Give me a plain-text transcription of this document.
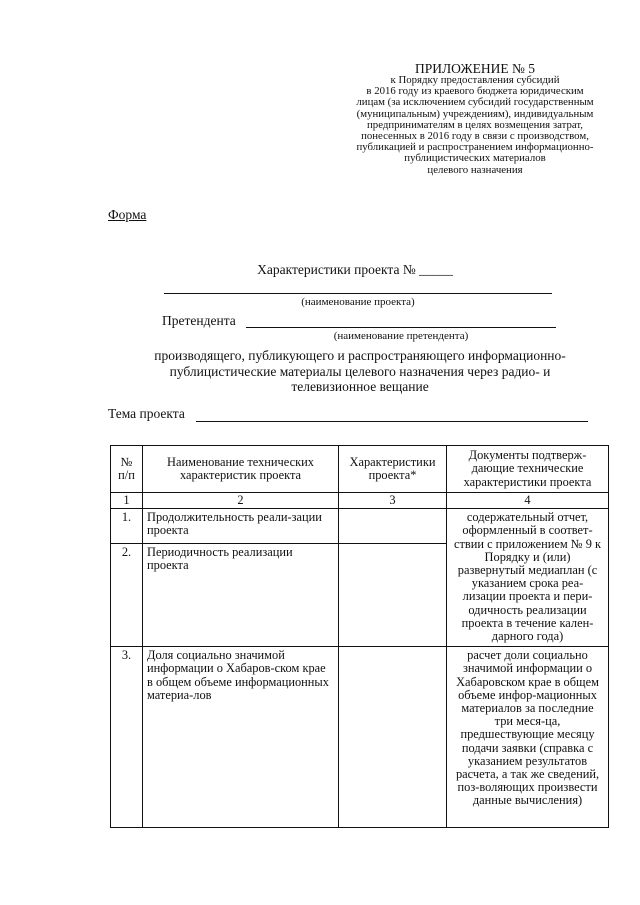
ПРИЛОЖЕНИЕ № 5
к Порядку предоставления субсидий
в 2016 году из краевого бюджета юридическим
лицам (за исключением субсидий государственным
(муниципальным) учреждениям), индивидуальным
предпринимателям в целях возмещения затрат,
понесенных в 2016 году в связи с производством,
публикацией и распространением информационно-
публицистических материалов
целевого назначения
Форма
Характеристики проекта № _____
(наименование проекта)
Претендента
(наименование претендента)
производящего, публикующего и распространяющего информационно-
публицистические материалы целевого назначения через радио- и
телевизионное вещание
Тема проекта
№ п/п	Наименование технических характеристик проекта	Характеристики проекта*	Документы подтверж-дающие технические характеристики проекта
1	2	3	4
1.	Продолжительность реали-зации проекта		содержательный отчет, оформленный в соответ-ствии с приложением № 9 к Порядку и (или) развернутый медиаплан (с указанием срока реа-лизации проекта и пери-одичность реализации проекта в течение кален-дарного года)
2.	Периодичность реализации проекта		
3.	Доля социально значимой информации о Хабаров-ском крае в общем объеме информационных материа-лов		расчет доли социально значимой информации о Хабаровском крае в общем объеме инфор-мационных материалов за последние три меся-ца, предшествующие месяцу подачи заявки (справка с указанием результатов расчета, а так же сведений, поз-воляющих произвести данные вычисления)
